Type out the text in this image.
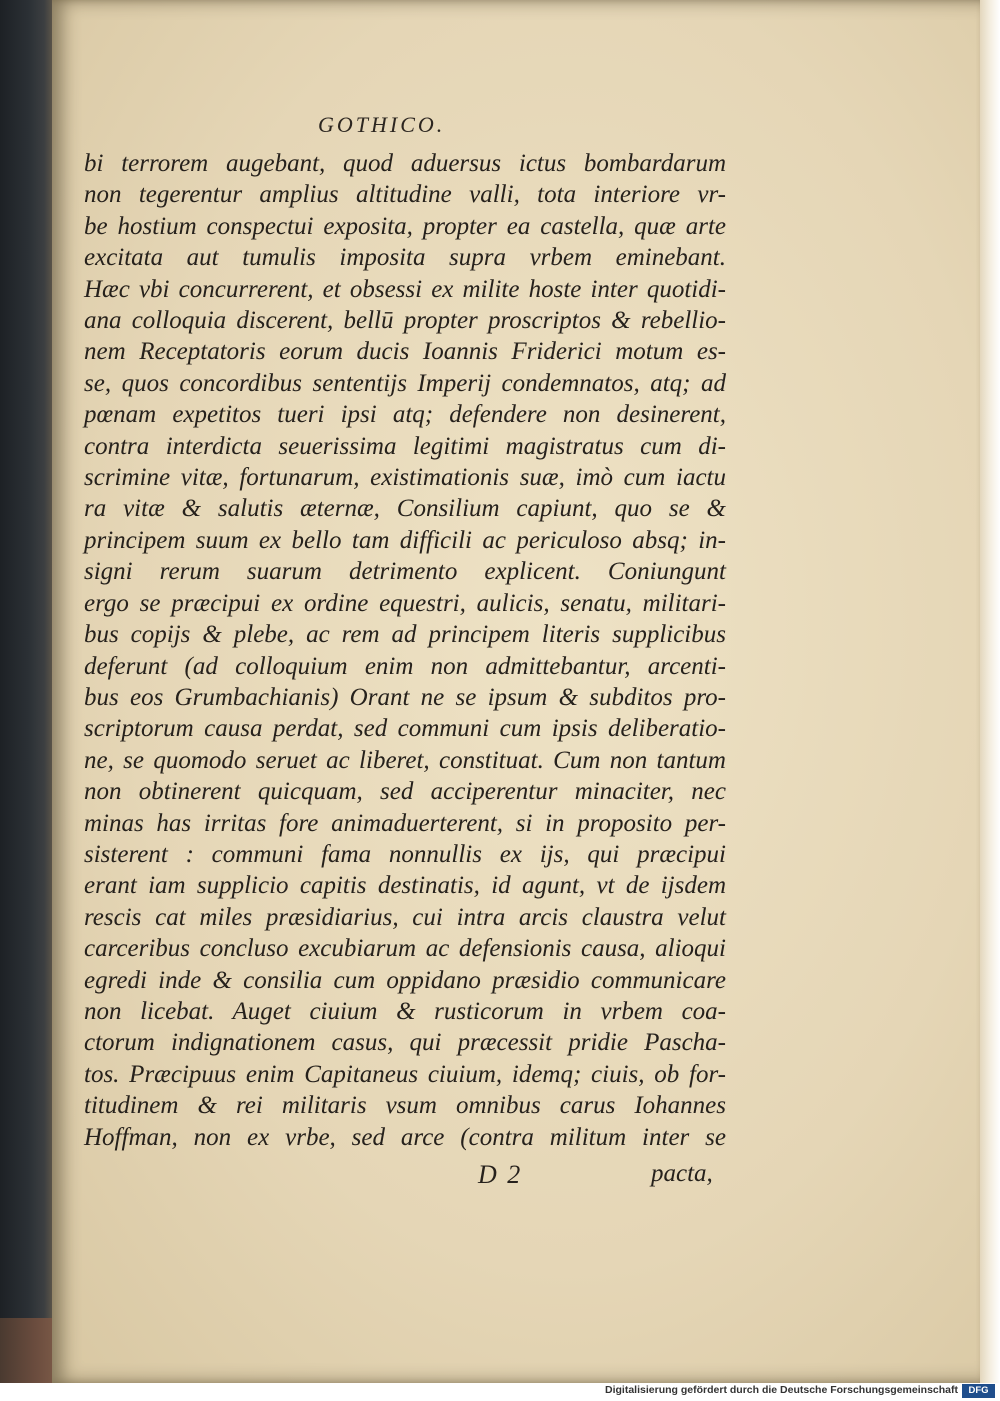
GOTHICO.
bi terrorem augebant, quod aduersus ictus bombardarum
non tegerentur amplius altitudine valli, tota interiore vr-
be hostium conspectui exposita, propter ea castella, quæ arte
excitata aut tumulis imposita supra vrbem eminebant.
Hæc vbi concurrerent, et obsessi ex milite hoste inter quotidi-
ana colloquia discerent, bellū propter proscriptos & rebellio-
nem Receptatoris eorum ducis Ioannis Friderici motum es-
se, quos concordibus sententijs Imperij condemnatos, atq; ad
pœnam expetitos tueri ipsi atq; defendere non desinerent,
contra interdicta seuerissima legitimi magistratus cum di-
scrimine vitæ, fortunarum, existimationis suæ, imò cum iactu
ra vitæ & salutis æternæ, Consilium capiunt, quo se &
principem suum ex bello tam difficili ac periculoso absq; in-
signi rerum suarum detrimento explicent. Coniungunt
ergo se præcipui ex ordine equestri, aulicis, senatu, militari-
bus copijs & plebe, ac rem ad principem literis supplicibus
deferunt (ad colloquium enim non admittebantur, arcenti-
bus eos Grumbachianis) Orant ne se ipsum & subditos pro-
scriptorum causa perdat, sed communi cum ipsis deliberatio-
ne, se quomodo seruet ac liberet, constituat. Cum non tantum
non obtinerent quicquam, sed acciperentur minaciter, nec
minas has irritas fore animaduerterent, si in proposito per-
sisterent : communi fama nonnullis ex ijs, qui præcipui
erant iam supplicio capitis destinatis, id agunt, vt de ijsdem
rescis cat miles præsidiarius, cui intra arcis claustra velut
carceribus concluso excubiarum ac defensionis causa, alioqui
egredi inde & consilia cum oppidano præsidio communicare
non licebat. Auget ciuium & rusticorum in vrbem coa-
ctorum indignationem casus, qui præcessit pridie Pascha-
tos. Præcipuus enim Capitaneus ciuium, idemq; ciuis, ob for-
titudinem & rei militaris vsum omnibus carus Iohannes
Hoffman, non ex vrbe, sed arce (contra militum inter se
D 2	pacta,
Digitalisierung gefördert durch die Deutsche Forschungsgemeinschaft	DFG
